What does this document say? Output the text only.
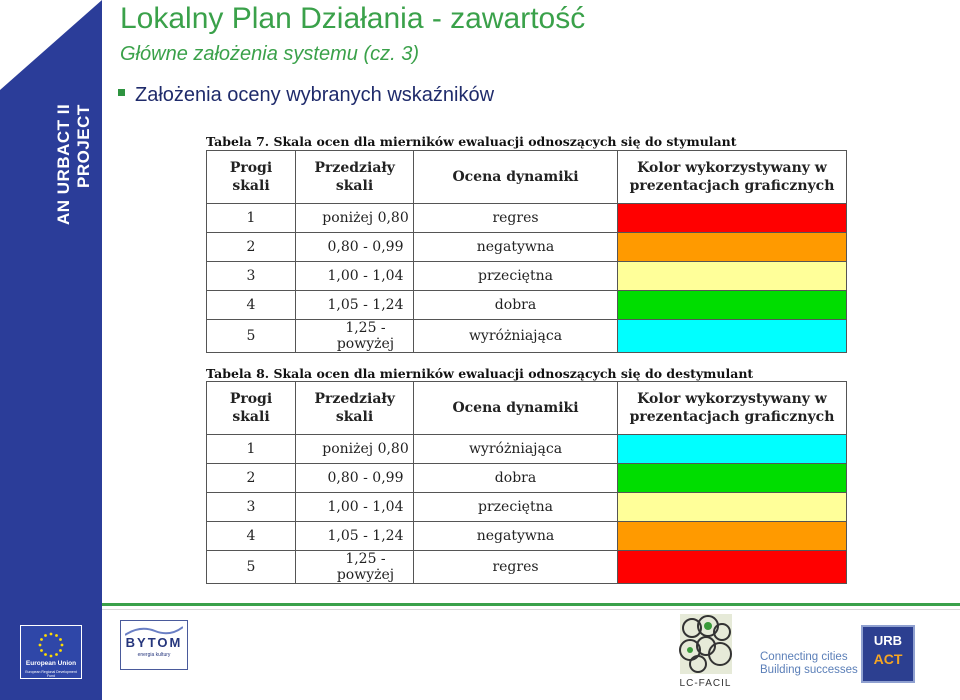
AN URBACT II PROJECT
Lokalny Plan Działania - zawartość
Główne założenia systemu (cz. 3)
Założenia oceny wybranych wskaźników
Tabela 7. Skala ocen dla mierników ewaluacji odnoszących się do stymulant
Progi skali	Przedziały skali	Ocena dynamiki	Kolor wykorzystywany w prezentacjach graficznych
1	poniżej 0,80	regres	
2	0,80 - 0,99	negatywna	
3	1,00 - 1,04	przeciętna	
4	1,05 - 1,24	dobra	
5	1,25 - powyżej	wyróżniająca	
Tabela 8. Skala ocen dla mierników ewaluacji odnoszących się do destymulant
Progi skali	Przedziały skali	Ocena dynamiki	Kolor wykorzystywany w prezentacjach graficznych
1	poniżej 0,80	wyróżniająca	
2	0,80 - 0,99	dobra	
3	1,00 - 1,04	przeciętna	
4	1,05 - 1,24	negatywna	
5	1,25 - powyżej	regres	
European Union
European Regional Development Fund
BYTOM
energia kultury
LC-FACIL
Connecting cities
Building successes
URB
ACT
